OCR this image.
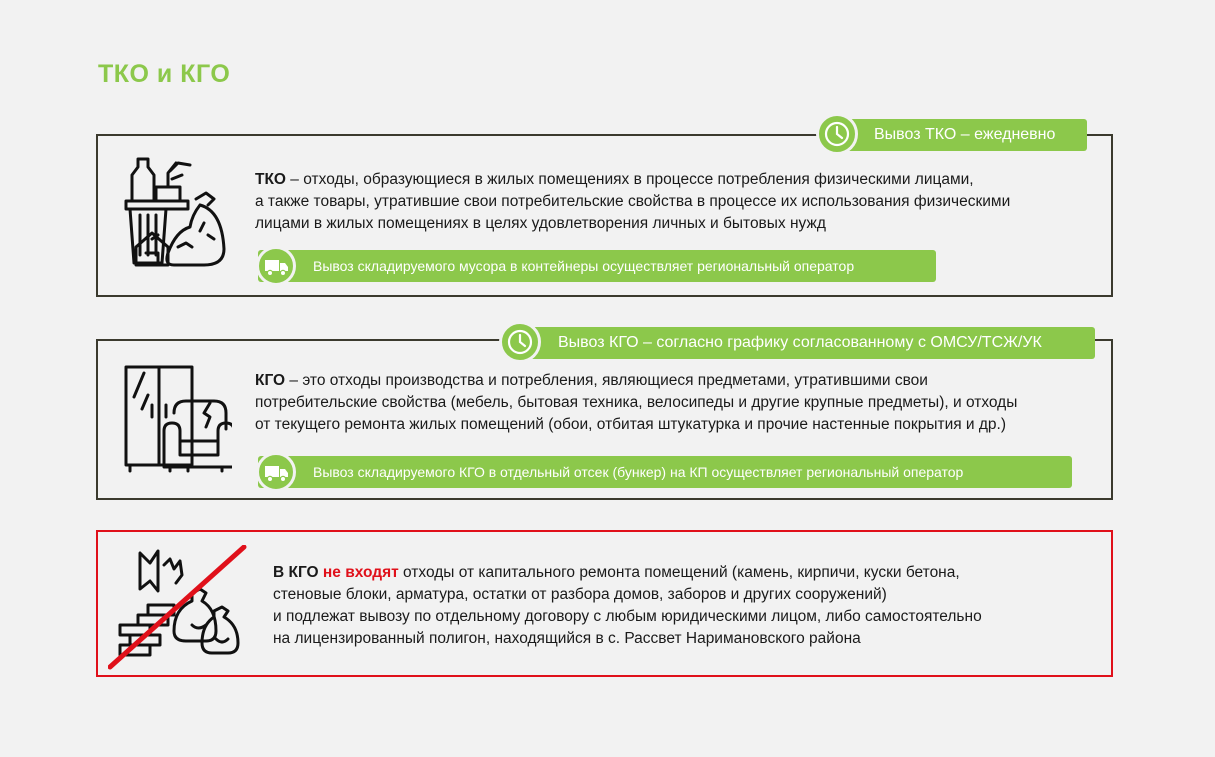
ТКО и КГО
Вывоз ТКО – ежедневно
ТКО – отходы, образующиеся в жилых помещениях в процессе потребления физическими лицами,
а также товары, утратившие свои потребительские свойства в процессе их использования физическими
лицами в жилых помещениях в целях удовлетворения личных и бытовых нужд
Вывоз складируемого мусора в контейнеры осуществляет региональный оператор
Вывоз КГО – согласно графику согласованному с ОМСУ/ТСЖ/УК
КГО – это отходы производства и потребления, являющиеся предметами, утратившими свои
потребительские свойства (мебель, бытовая техника, велосипеды и другие крупные предметы), и отходы
от текущего ремонта жилых помещений (обои, отбитая штукатурка и прочие настенные покрытия и др.)
Вывоз складируемого КГО в отдельный отсек (бункер) на КП осуществляет региональный оператор
В КГО не входят отходы от капитального ремонта помещений (камень, кирпичи, куски бетона,
стеновые блоки, арматура, остатки от разбора домов, заборов и других сооружений)
и подлежат вывозу по отдельному договору с любым юридическими лицом, либо самостоятельно
на лицензированный полигон, находящийся в с. Рассвет Наримановского района
